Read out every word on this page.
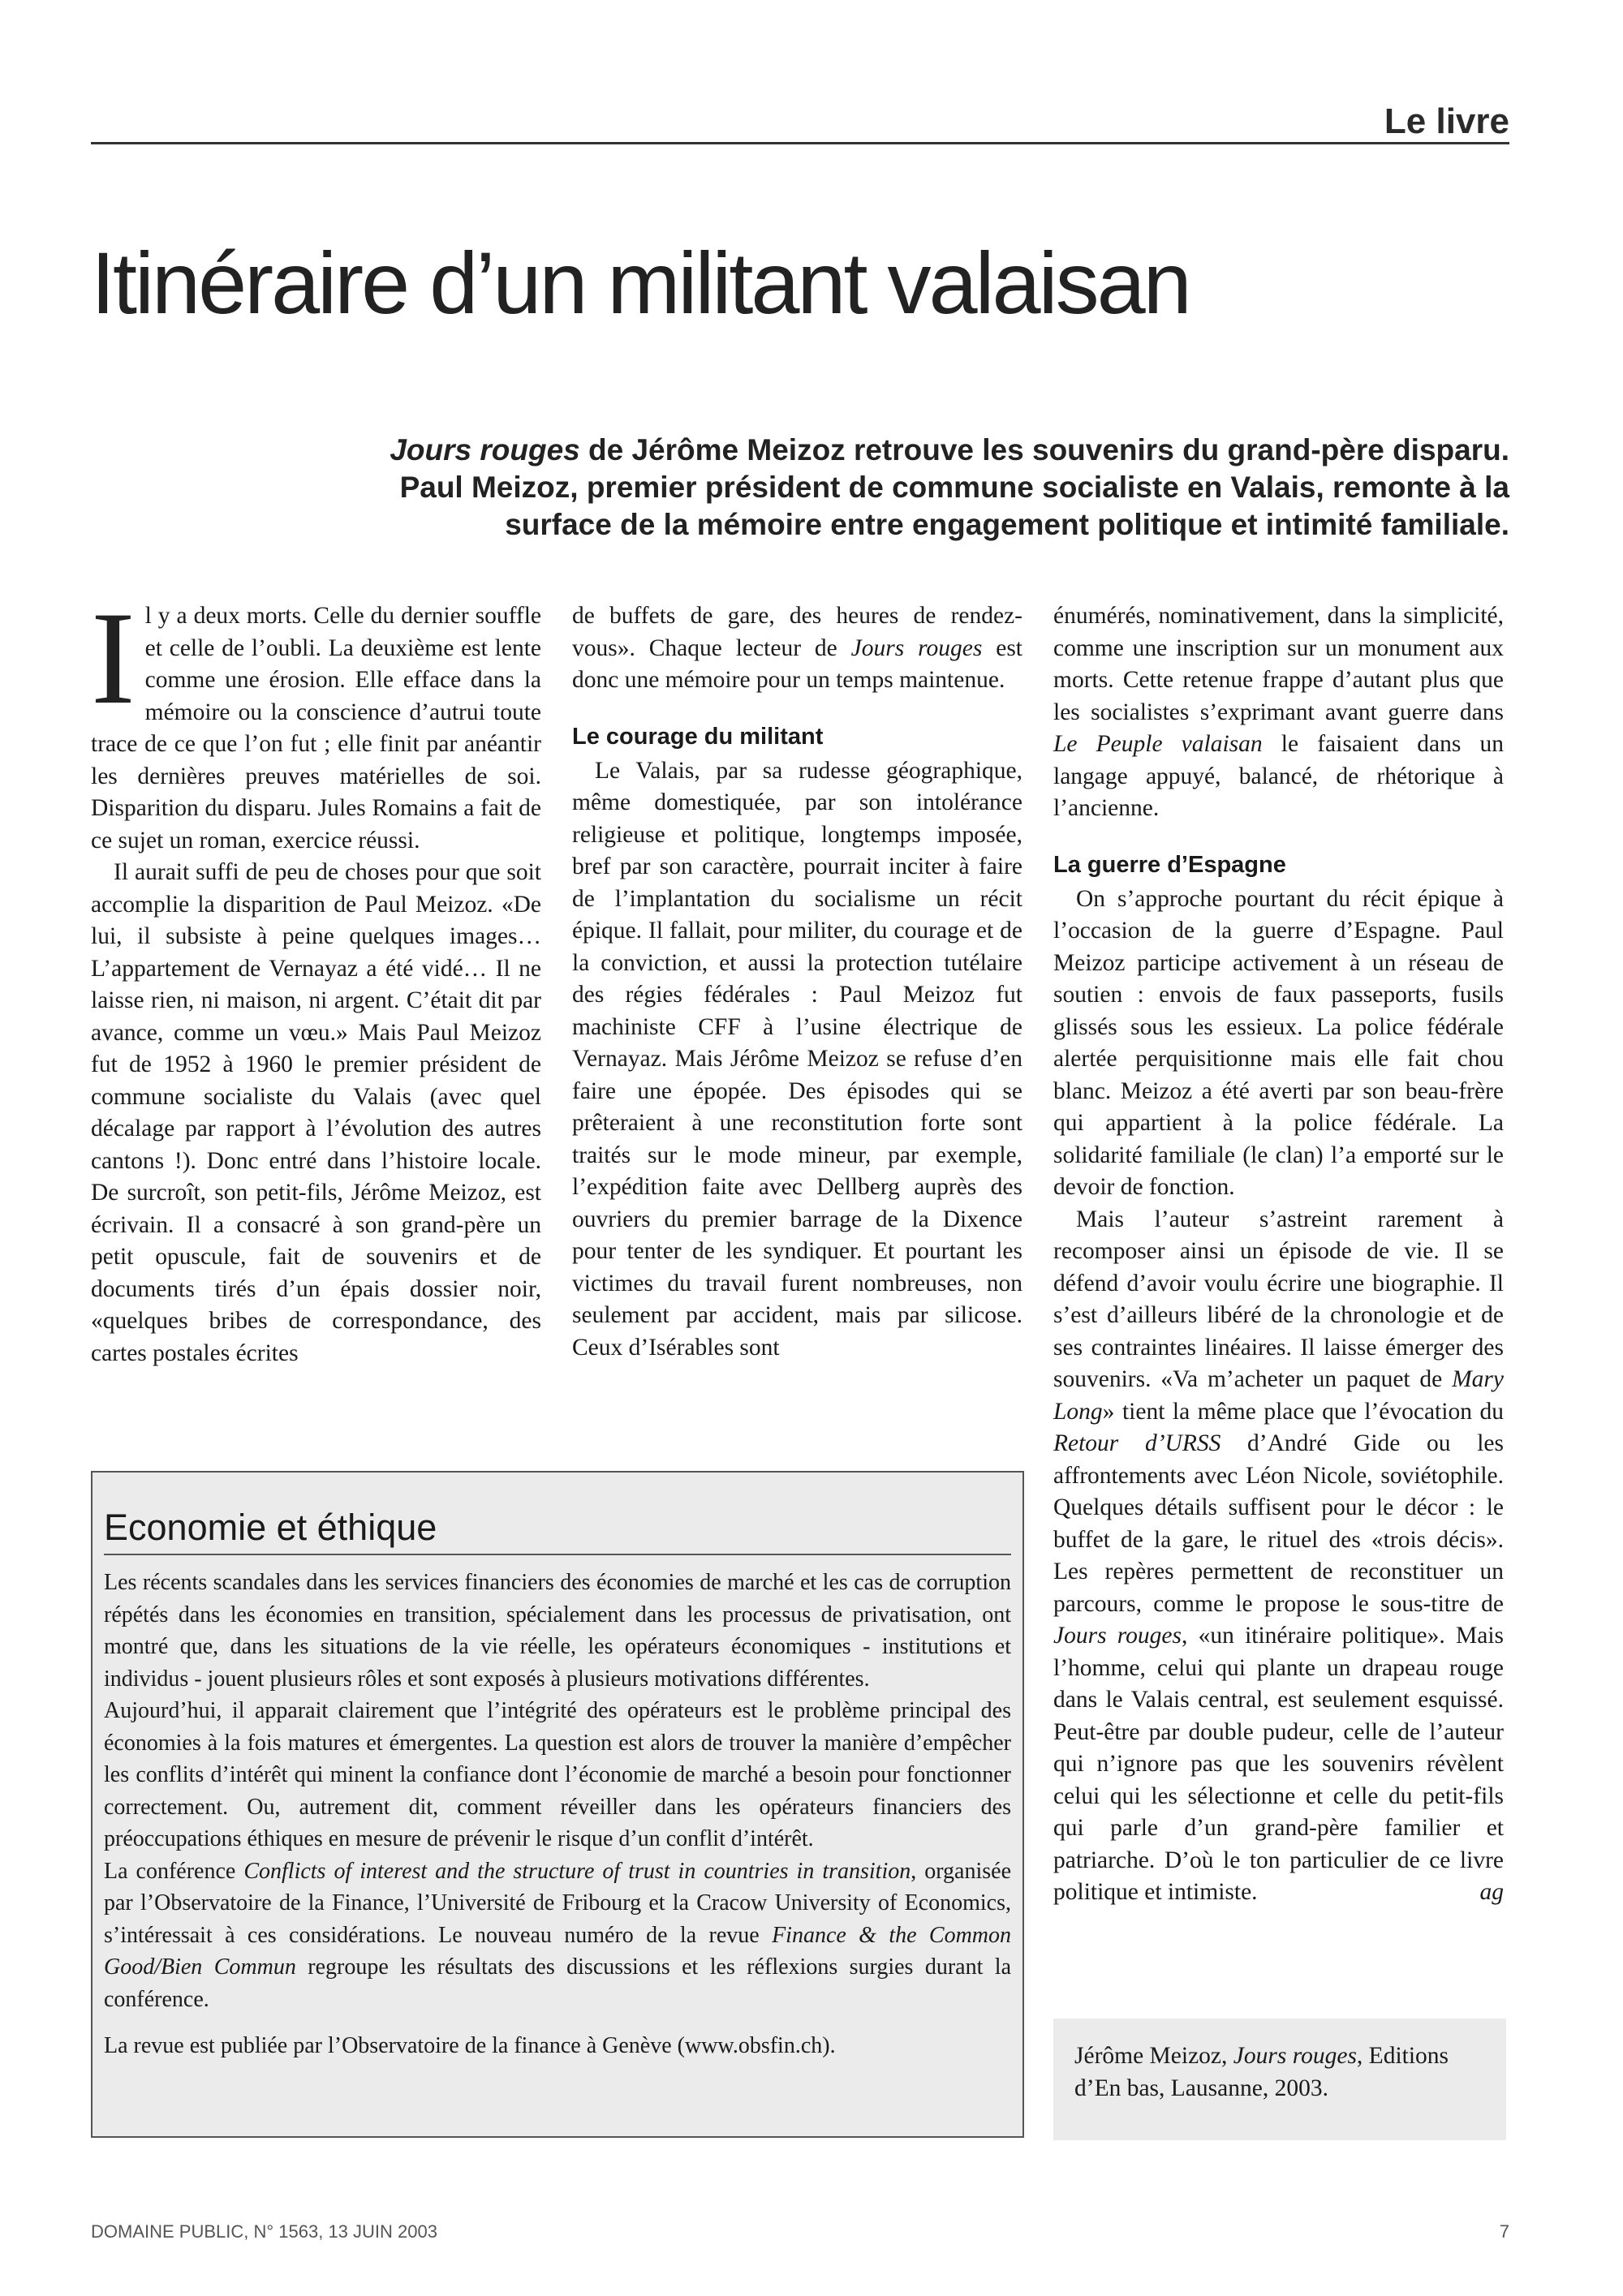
Le livre
Itinéraire d’un militant valaisan

Jours rouges de Jérôme Meizoz retrouve les souvenirs du grand-père disparu.
Paul Meizoz, premier président de commune socialiste en Valais, remonte à la
surface de la mémoire entre engagement politique et intimité familiale.

I l y a deux morts. Celle du dernier souffle et celle de l’oubli. La deuxième est lente comme une érosion. Elle efface dans la mémoire ou la conscience d’autrui toute trace de ce que l’on fut ; elle finit par anéantir les dernières preuves matérielles de soi. Disparition du disparu. Jules Romains a fait de ce sujet un roman, exercice réussi.

Il aurait suffi de peu de choses pour que soit accomplie la disparition de Paul Meizoz. «De lui, il subsiste à peine quelques images… L’appartement de Vernayaz a été vidé… Il ne laisse rien, ni maison, ni argent. C’était dit par avance, comme un vœu.» Mais Paul Meizoz fut de 1952 à 1960 le premier président de commune socialiste du Valais (avec quel décalage par rapport à l’évolution des autres cantons !). Donc entré dans l’histoire locale. De surcroît, son petit-fils, Jérôme Meizoz, est écrivain. Il a consacré à son grand-père un petit opuscule, fait de souvenirs et de documents tirés d’un épais dossier noir, «quelques bribes de correspondance, des cartes postales écrites

de buffets de gare, des heures de rendez-vous». Chaque lecteur de Jours rouges est donc une mémoire pour un temps maintenue.

Le courage du militant

Le Valais, par sa rudesse géographique, même domestiquée, par son intolérance religieuse et politique, longtemps imposée, bref par son caractère, pourrait inciter à faire de l’implantation du socialisme un récit épique. Il fallait, pour militer, du courage et de la conviction, et aussi la protection tutélaire des régies fédérales : Paul Meizoz fut machiniste CFF à l’usine électrique de Vernayaz. Mais Jérôme Meizoz se refuse d’en faire une épopée. Des épisodes qui se prêteraient à une reconstitution forte sont traités sur le mode mineur, par exemple, l’expédition faite avec Dellberg auprès des ouvriers du premier barrage de la Dixence pour tenter de les syndiquer. Et pourtant les victimes du travail furent nombreuses, non seulement par accident, mais par silicose. Ceux d’Isérables sont

énumérés, nominativement, dans la simplicité, comme une inscription sur un monument aux morts. Cette retenue frappe d’autant plus que les socialistes s’exprimant avant guerre dans Le Peuple valaisan le faisaient dans un langage appuyé, balancé, de rhétorique à l’ancienne.

La guerre d’Espagne

On s’approche pourtant du récit épique à l’occasion de la guerre d’Espagne. Paul Meizoz participe activement à un réseau de soutien : envois de faux passeports, fusils glissés sous les essieux. La police fédérale alertée perquisitionne mais elle fait chou blanc. Meizoz a été averti par son beau-frère qui appartient à la police fédérale. La solidarité familiale (le clan) l’a emporté sur le devoir de fonction.

Mais l’auteur s’astreint rarement à recomposer ainsi un épisode de vie. Il se défend d’avoir voulu écrire une biographie. Il s’est d’ailleurs libéré de la chronologie et de ses contraintes linéaires. Il laisse émerger des souvenirs. «Va m’acheter un paquet de Mary Long» tient la même place que l’évocation du Retour d’URSS d’André Gide ou les affrontements avec Léon Nicole, soviétophile. Quelques détails suffisent pour le décor : le buffet de la gare, le rituel des «trois décis». Les repères permettent de reconstituer un parcours, comme le propose le sous-titre de Jours rouges, «un itinéraire politique». Mais l’homme, celui qui plante un drapeau rouge dans le Valais central, est seulement esquissé. Peut-être par double pudeur, celle de l’auteur qui n’ignore pas que les souvenirs révèlent celui qui les sélectionne et celle du petit-fils qui parle d’un grand-père familier et patriarche. D’où le ton particulier de ce livre politique et intimiste.	ag

Economie et éthique

Les récents scandales dans les services financiers des économies de marché et les cas de corruption répétés dans les économies en transition, spécialement dans les processus de privatisation, ont montré que, dans les situations de la vie réelle, les opérateurs économiques - institutions et individus - jouent plusieurs rôles et sont exposés à plusieurs motivations différentes.

Aujourd’hui, il apparait clairement que l’intégrité des opérateurs est le problème principal des économies à la fois matures et émergentes. La question est alors de trouver la manière d’empêcher les conflits d’intérêt qui minent la confiance dont l’économie de marché a besoin pour fonctionner correctement. Ou, autrement dit, comment réveiller dans les opérateurs financiers des préoccupations éthiques en mesure de prévenir le risque d’un conflit d’intérêt.

La conférence Conflicts of interest and the structure of trust in countries in transition, organisée par l’Observatoire de la Finance, l’Université de Fribourg et la Cracow University of Economics, s’intéressait à ces considérations. Le nouveau numéro de la revue Finance & the Common Good/Bien Commun regroupe les résultats des discussions et les réflexions surgies durant la conférence.

La revue est publiée par l’Observatoire de la finance à Genève (www.obsfin.ch).	Jérôme Meizoz, Jours rouges, Editions d’En bas, Lausanne, 2003.
DOMAINE PUBLIC, N° 1563, 13 JUIN 2003	7
